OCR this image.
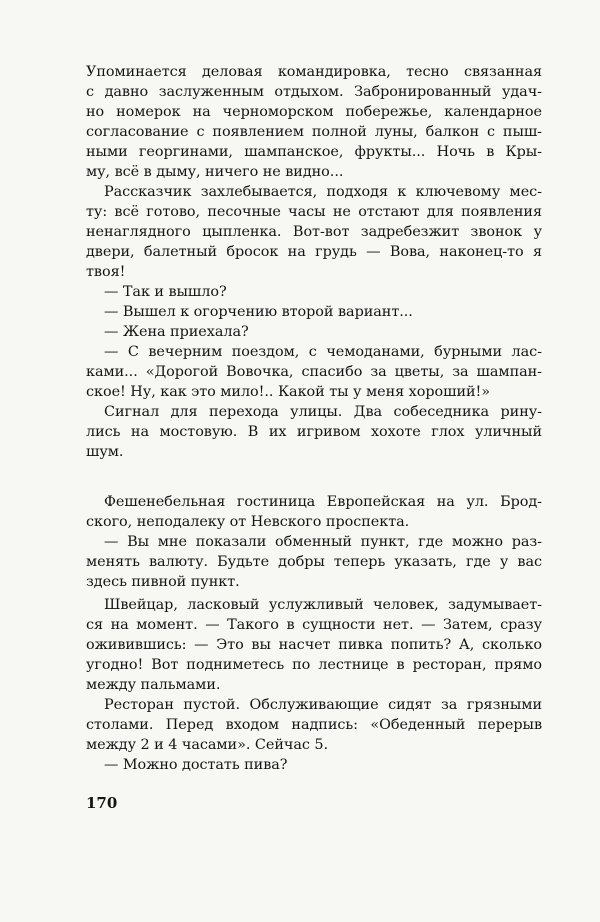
Упоминается деловая командировка, тесно связанная
с давно заслуженным отдыхом. Забронированный удач-
но номерок на черноморском побережье, календарное
согласование с появлением полной луны, балкон с пыш-
ными георгинами, шампанское, фрукты... Ночь в Кры-
му, всё в дыму, ничего не видно...
Рассказчик захлебывается, подходя к ключевому мес-
ту: всё готово, песочные часы не отстают для появления
ненаглядного цыпленка. Вот-вот задребезжит звонок у
двери, балетный бросок на грудь — Вова, наконец-то я
твоя!
— Так и вышло?
— Вышел к огорчению второй вариант...
— Жена приехала?
— С вечерним поездом, с чемоданами, бурными лас-
ками... «Дорогой Вовочка, спасибо за цветы, за шампан-
ское! Ну, как это мило!.. Какой ты у меня хороший!»
Сигнал для перехода улицы. Два собеседника рину-
лись на мостовую. В их игривом хохоте глох уличный
шум.
Фешенебельная гостиница Европейская на ул. Брод-
ского, неподалеку от Невского проспекта.
— Вы мне показали обменный пункт, где можно раз-
менять валюту. Будьте добры теперь указать, где у вас
здесь пивной пункт.
Швейцар, ласковый услужливый человек, задумывает-
ся на момент. — Такого в сущности нет. — Затем, сразу
оживившись: — Это вы насчет пивка попить? А, сколько
угодно! Вот подниметесь по лестнице в ресторан, прямо
между пальмами.
Ресторан пустой. Обслуживающие сидят за грязными
столами. Перед входом надпись: «Обеденный перерыв
между 2 и 4 часами». Сейчас 5.
— Можно достать пива?
170
